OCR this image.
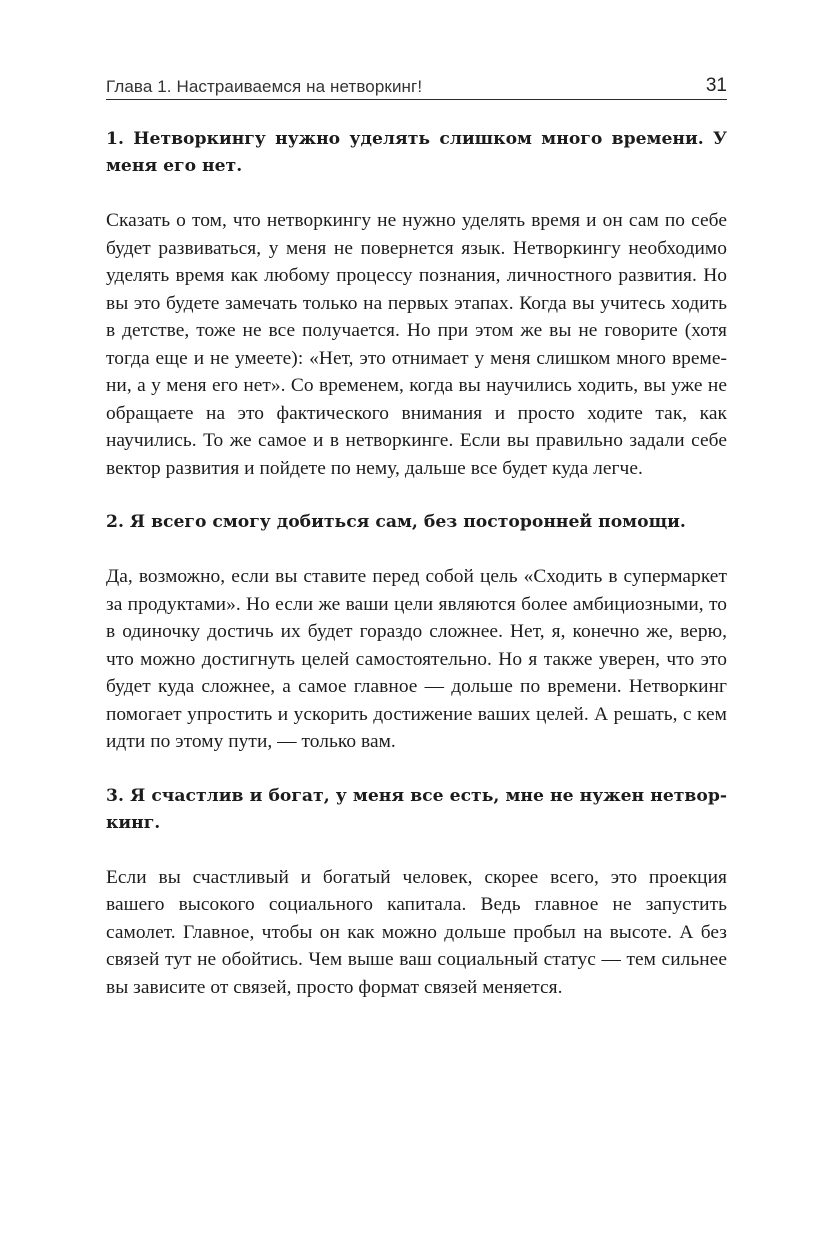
Глава 1. Настраиваемся на нетворкинг!	31

1. Нетворкингу нужно уделять слишком много времени. У меня его нет.

Сказать о том, что нетворкингу не нужно уделять время и он сам по себе будет развиваться, у меня не повернется язык. Нетворкингу необходимо уделять время как любому процессу познания, личностного развития. Но вы это будете замечать только на первых этапах. Когда вы учитесь ходить в детстве, тоже не все получается. Но при этом же вы не говорите (хотя тогда еще и не умеете): «Нет, это отнимает у меня слишком много времени, а у меня его нет». Со временем, когда вы научились ходить, вы уже не обращаете на это фактического внимания и просто ходите так, как научились. То же самое и в нетворкинге. Если вы правильно задали себе вектор развития и пойдете по нему, дальше все будет куда легче.

2. Я всего смогу добиться сам, без посторонней помощи.

Да, возможно, если вы ставите перед собой цель «Сходить в супермаркет за продуктами». Но если же ваши цели являются более амбициозными, то в одиночку достичь их будет гораздо сложнее. Нет, я, конечно же, верю, что можно достигнуть целей самостоятельно. Но я также уверен, что это будет куда сложнее, а самое главное — дольше по времени. Нетворкинг помогает упростить и ускорить достижение ваших целей. А решать, с кем идти по этому пути, — только вам.

3. Я счастлив и богат, у меня все есть, мне не нужен нетворкинг.

Если вы счастливый и богатый человек, скорее всего, это проекция вашего высокого социального капитала. Ведь главное не запустить самолет. Главное, чтобы он как можно дольше пробыл на высоте. А без связей тут не обойтись. Чем выше ваш социальный статус — тем сильнее вы зависите от связей, просто формат связей меняется.
